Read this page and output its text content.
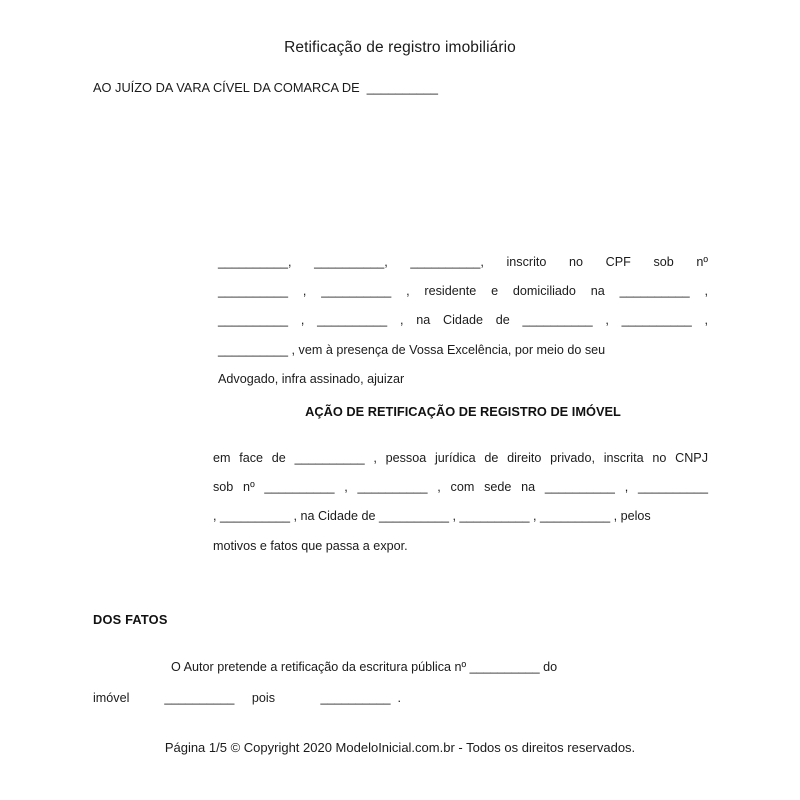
Retificação de registro imobiliário
AO JUÍZO DA VARA CÍVEL DA COMARCA DE  __________
__________, __________, __________, inscrito no CPF sob nº __________ , __________ , residente e domiciliado na __________ , __________ , __________ , na Cidade de __________ , __________ , __________ , vem à presença de Vossa Excelência, por meio do seu
Advogado, infra assinado, ajuizar
AÇÃO DE RETIFICAÇÃO DE REGISTRO DE IMÓVEL
em face de __________ , pessoa jurídica de direito privado, inscrita no CNPJ sob nº __________ , __________ , com sede na __________ , __________ , __________ , na Cidade de __________ , __________ , __________ , pelos
motivos e fatos que passa a expor.
DOS FATOS
O Autor pretende a retificação da escritura pública nº __________ do
imóvel          __________     pois             __________  .
Página 1/5 © Copyright 2020 ModeloInicial.com.br - Todos os direitos reservados.
